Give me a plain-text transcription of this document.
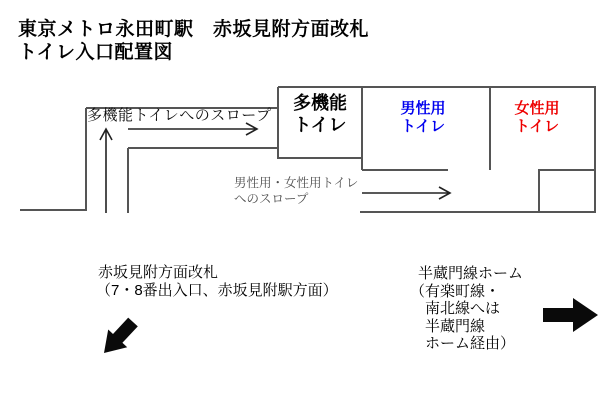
東京メトロ永田町駅　赤坂見附方面改札
トイレ入口配置図
多機能トイレへのスロープ
多機能
トイレ
男性用
トイレ
女性用
トイレ
男性用・女性用トイレ
へのスロープ
赤坂見附方面改札
（7・8番出入口、赤坂見附駅方面）
半蔵門線ホーム
（有楽町線・
南北線へは
半蔵門線
ホーム経由）
